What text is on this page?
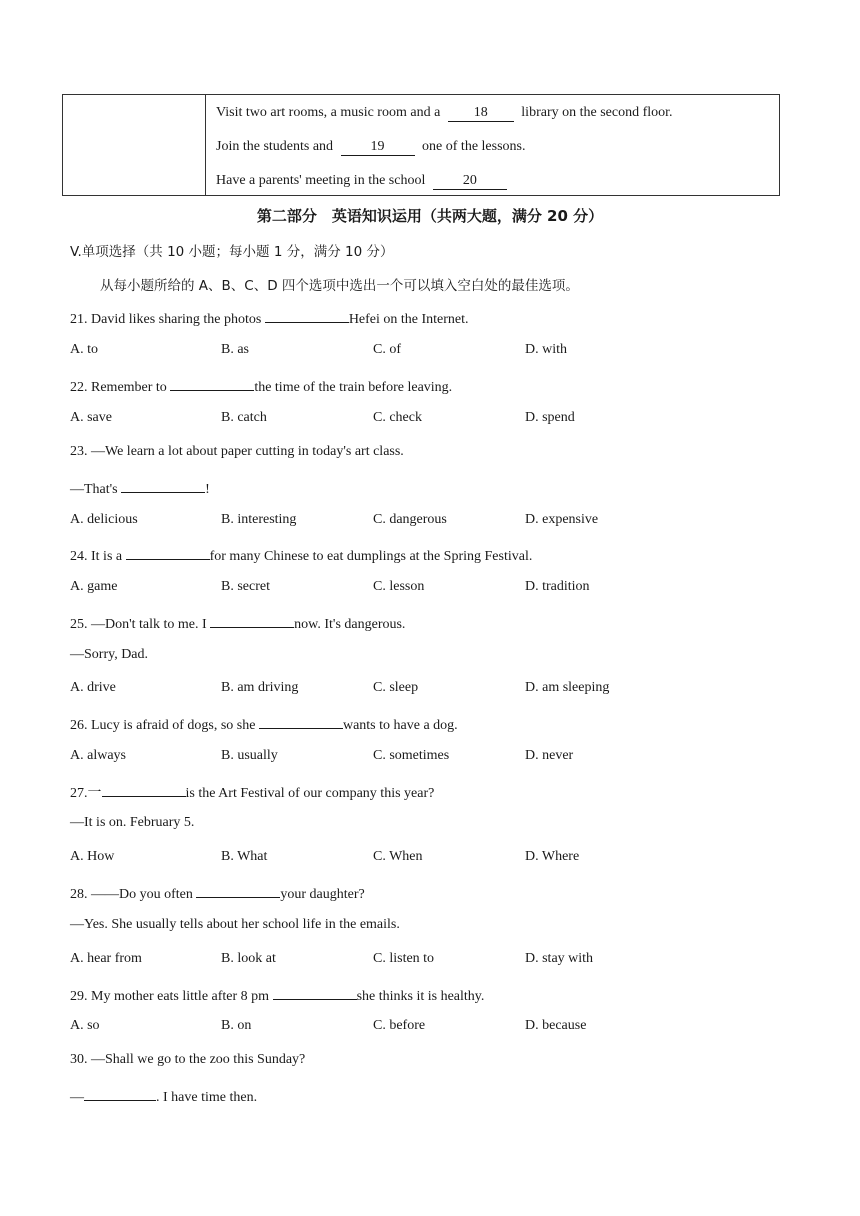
Visit two art rooms, a music room and a 18 library on the second floor.
Join the students and	19	one of the lessons.
Have a parents' meeting in the school	20
第二部分　英语知识运用（共两大题，满分 20 分）
V.单项选择（共 10 小题；每小题 1 分，满分 10 分）
从每小题所给的 A、B、C、D 四个选项中选出一个可以填入空白处的最佳选项。
21. David likes sharing the photos	Hefei on the Internet.
A. to	B. as	C. of	D. with
22. Remember to	the time of the train before leaving.
A. save	B. catch	C. check	D. spend
23. —We learn a lot about paper cutting in today's art class.
—That's	!
A. delicious	B. interesting	C. dangerous	D. expensive
24. It is a	for many Chinese to eat dumplings at the Spring Festival.
A. game	B. secret	C. lesson	D. tradition
25. —Don't talk to me. I	now. It's dangerous.
—Sorry, Dad.
A. drive	B. am driving	C. sleep	D. am sleeping
26. Lucy is afraid of dogs, so she	wants to have a dog.
A. always	B. usually	C. sometimes	D. never
27.一	is the Art Festival of our company this year?
—It is on. February 5.
A. How	B. What	C. When	D. Where
28. ——Do you often	your daughter?
—Yes. She usually tells about her school life in the emails.
A. hear from	B. look at	C. listen to	D. stay with
29. My mother eats little after 8 pm	she thinks it is healthy.
A. so	B. on	C. before	D. because
30. —Shall we go to the zoo this Sunday?
—	. I have time then.
